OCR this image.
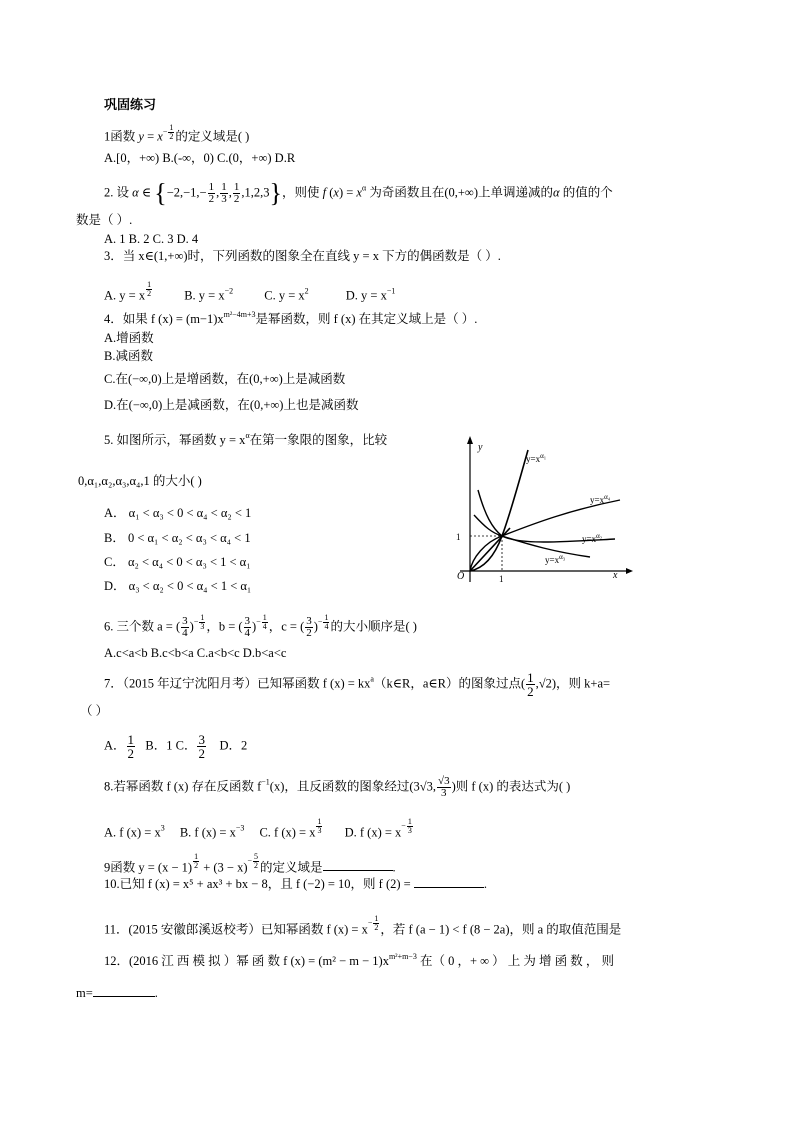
巩固练习
1函数 $y = x^{- \frac{1}{2}}$ 的定义域是( )
A.[0，+∞) B.(-∞，0) C.(0，+∞) D.R
2. 设 α ∈ {$-2,-1,- \frac{1}{2}$ , $\frac{1}{3}$ , $\frac{1}{2} ,1,2,3$}，则使 f $(x) = x^\alpha$ 为奇函数且在(0,+∞)上单调递减的α 的值的个
数是（ ）.
A. 1 B. 2 C. 3 D. 4
3．当 x∈(1,+∞)时，下列函数的图象全在直线 y = x 下方的偶函数是（ ）.
A. y = x $^{\frac{1}{2}}$	B. $y = x^{-2}$ C. $y = x^2$	D. $y = x^{-1}$
4．如果 f $(x) = (m-1)x^{m^2-4m+3}$是幂函数，则 f (x) 在其定义域上是（ ）.
A.增函数
B.减函数
C.在(−∞,0)上是增函数，在(0,+∞)上是减函数
D.在(−∞,0)上是减函数，在(0,+∞)上也是减函数
5. 如图所示，幂函数 $y = x^\alpha$在第一象限的图象，比较
0,α₁,α₂,α₃,α₄,1 的大小( )
A． α₁ < α₃ < 0 < α₄ < α₂ < 1
B． 0 < α₁ < α₂ < α₃ < α₄ < 1
C． α₂ < α₄ < 0 < α₃ < 1 < α₁
D． α₃ < α₂ < 0 < α₄ < 1 < α₁
y
x
O	1
1
$y=x^{\alpha_1}$
$y=x^{\alpha_4}$
$y=x^{\alpha_2}$
$y=x^{\alpha_3}$
6. 三个数 a = ( $\frac{3}{4} )^{- \frac{1}{3}}$ ，b = ( $\frac{3}{4} )^{- \frac{1}{4}}$ ，c = ( $\frac{3}{2} )^{- \frac{1}{4}}$ 的大小顺序是( )
A.c<a<b B.c<b<a C.a<b<c D.b<a<c
7．（2015 年辽宁沈阳月考）已知幂函数 f $(x) = kx^a(k\in R$，a∈R）的图象过点( $\frac{1}{2} ,√2$)，则 k+a=
（ ）
A． $\frac{1}{2}$ B．1 C． $\frac{3}{2}$ D．2
8.若幂函数 f (x) 存在反函数 $f^{-1}(x)$，且反函数的图象经过(3√3, $\frac{√3}{3}$ )则 f (x) 的表达式为( )
A. f $(x) = x^3$ B. f $(x) = x^{-3}$ C. f (x) = x $^{\frac{1}{3}}$ D. f $(x) = x^{- \frac{1}{3}}$
9函数 y = (x − 1) $^{\frac{1}{2}} + (3 - x)^{- \frac{5}{2}}$ 的定义域是	.
10.已知 f (x) = x⁵ + ax³ + bx − 8，且 f (−2) = 10，则 f (2) =	.
11．(2015 安徽郎溪返校考）已知幂函数 f $(x) = x^{- \frac{1}{2}}$ ，若 f (a − 1) < f (8 − 2a)，则 a 的取值范围是
12．(2016 江 西 模 拟 ）幂 函 数 f $(x) = (m^2 - m - 1)x^{m^2+m-3}$ 在（ 0 ，+ ∞ ） 上 为 增 函 数 ， 则
m=	.
